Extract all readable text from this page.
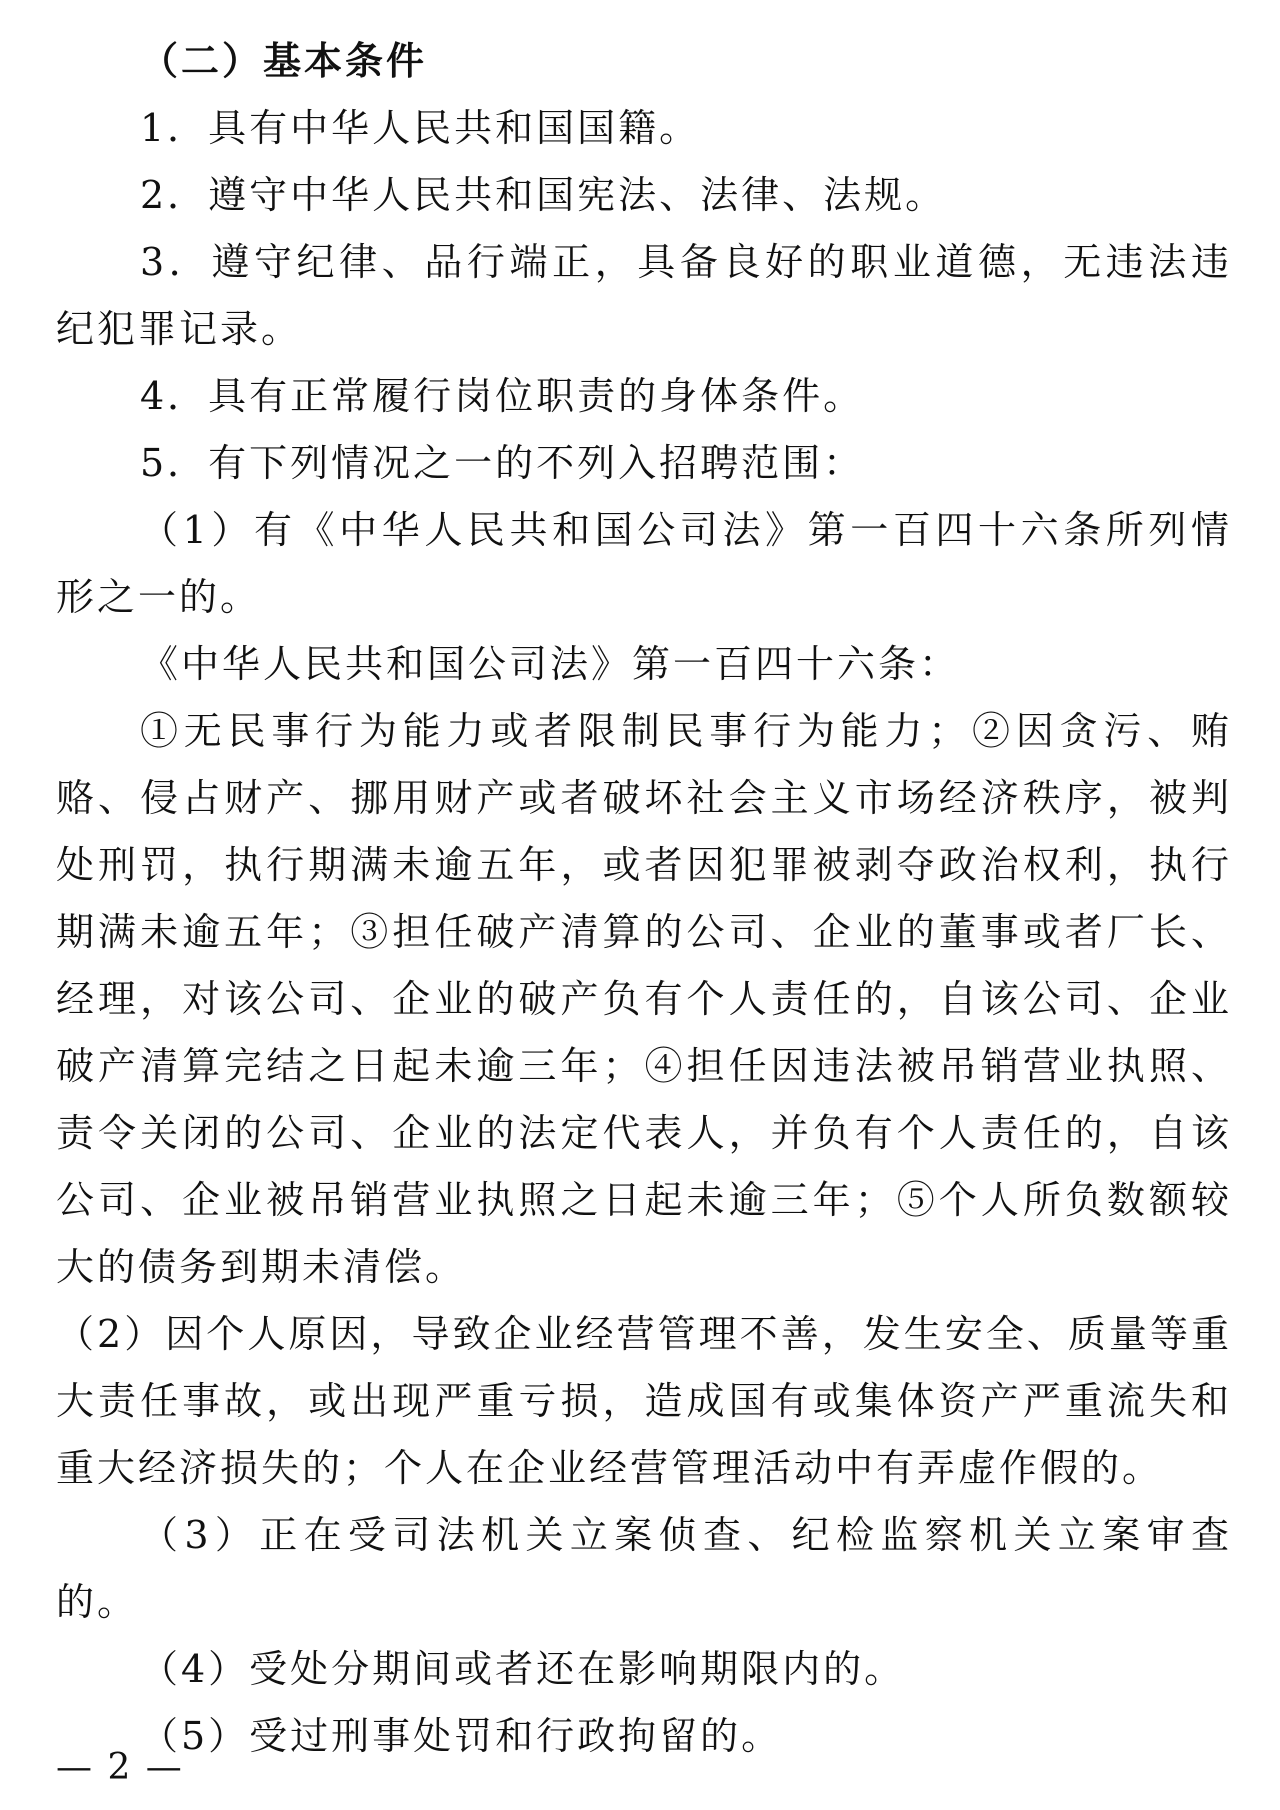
（二）基本条件

1．具有中华人民共和国国籍。

2．遵守中华人民共和国宪法、法律、法规。

3．遵守纪律、品行端正，具备良好的职业道德，无违法违纪犯罪记录。

4．具有正常履行岗位职责的身体条件。

5．有下列情况之一的不列入招聘范围：

（1）有《中华人民共和国公司法》第一百四十六条所列情形之一的。

《中华人民共和国公司法》第一百四十六条：

①无民事行为能力或者限制民事行为能力；②因贪污、贿赂、侵占财产、挪用财产或者破坏社会主义市场经济秩序，被判处刑罚，执行期满未逾五年，或者因犯罪被剥夺政治权利，执行期满未逾五年；③担任破产清算的公司、企业的董事或者厂长、经理，对该公司、企业的破产负有个人责任的，自该公司、企业破产清算完结之日起未逾三年；④担任因违法被吊销营业执照、责令关闭的公司、企业的法定代表人，并负有个人责任的，自该公司、企业被吊销营业执照之日起未逾三年；⑤个人所负数额较大的债务到期未清偿。

（2）因个人原因，导致企业经营管理不善，发生安全、质量等重大责任事故，或出现严重亏损，造成国有或集体资产严重流失和重大经济损失的；个人在企业经营管理活动中有弄虚作假的。

（3）正在受司法机关立案侦查、纪检监察机关立案审查的。

（4）受处分期间或者还在影响期限内的。

（5）受过刑事处罚和行政拘留的。

— 2 —
